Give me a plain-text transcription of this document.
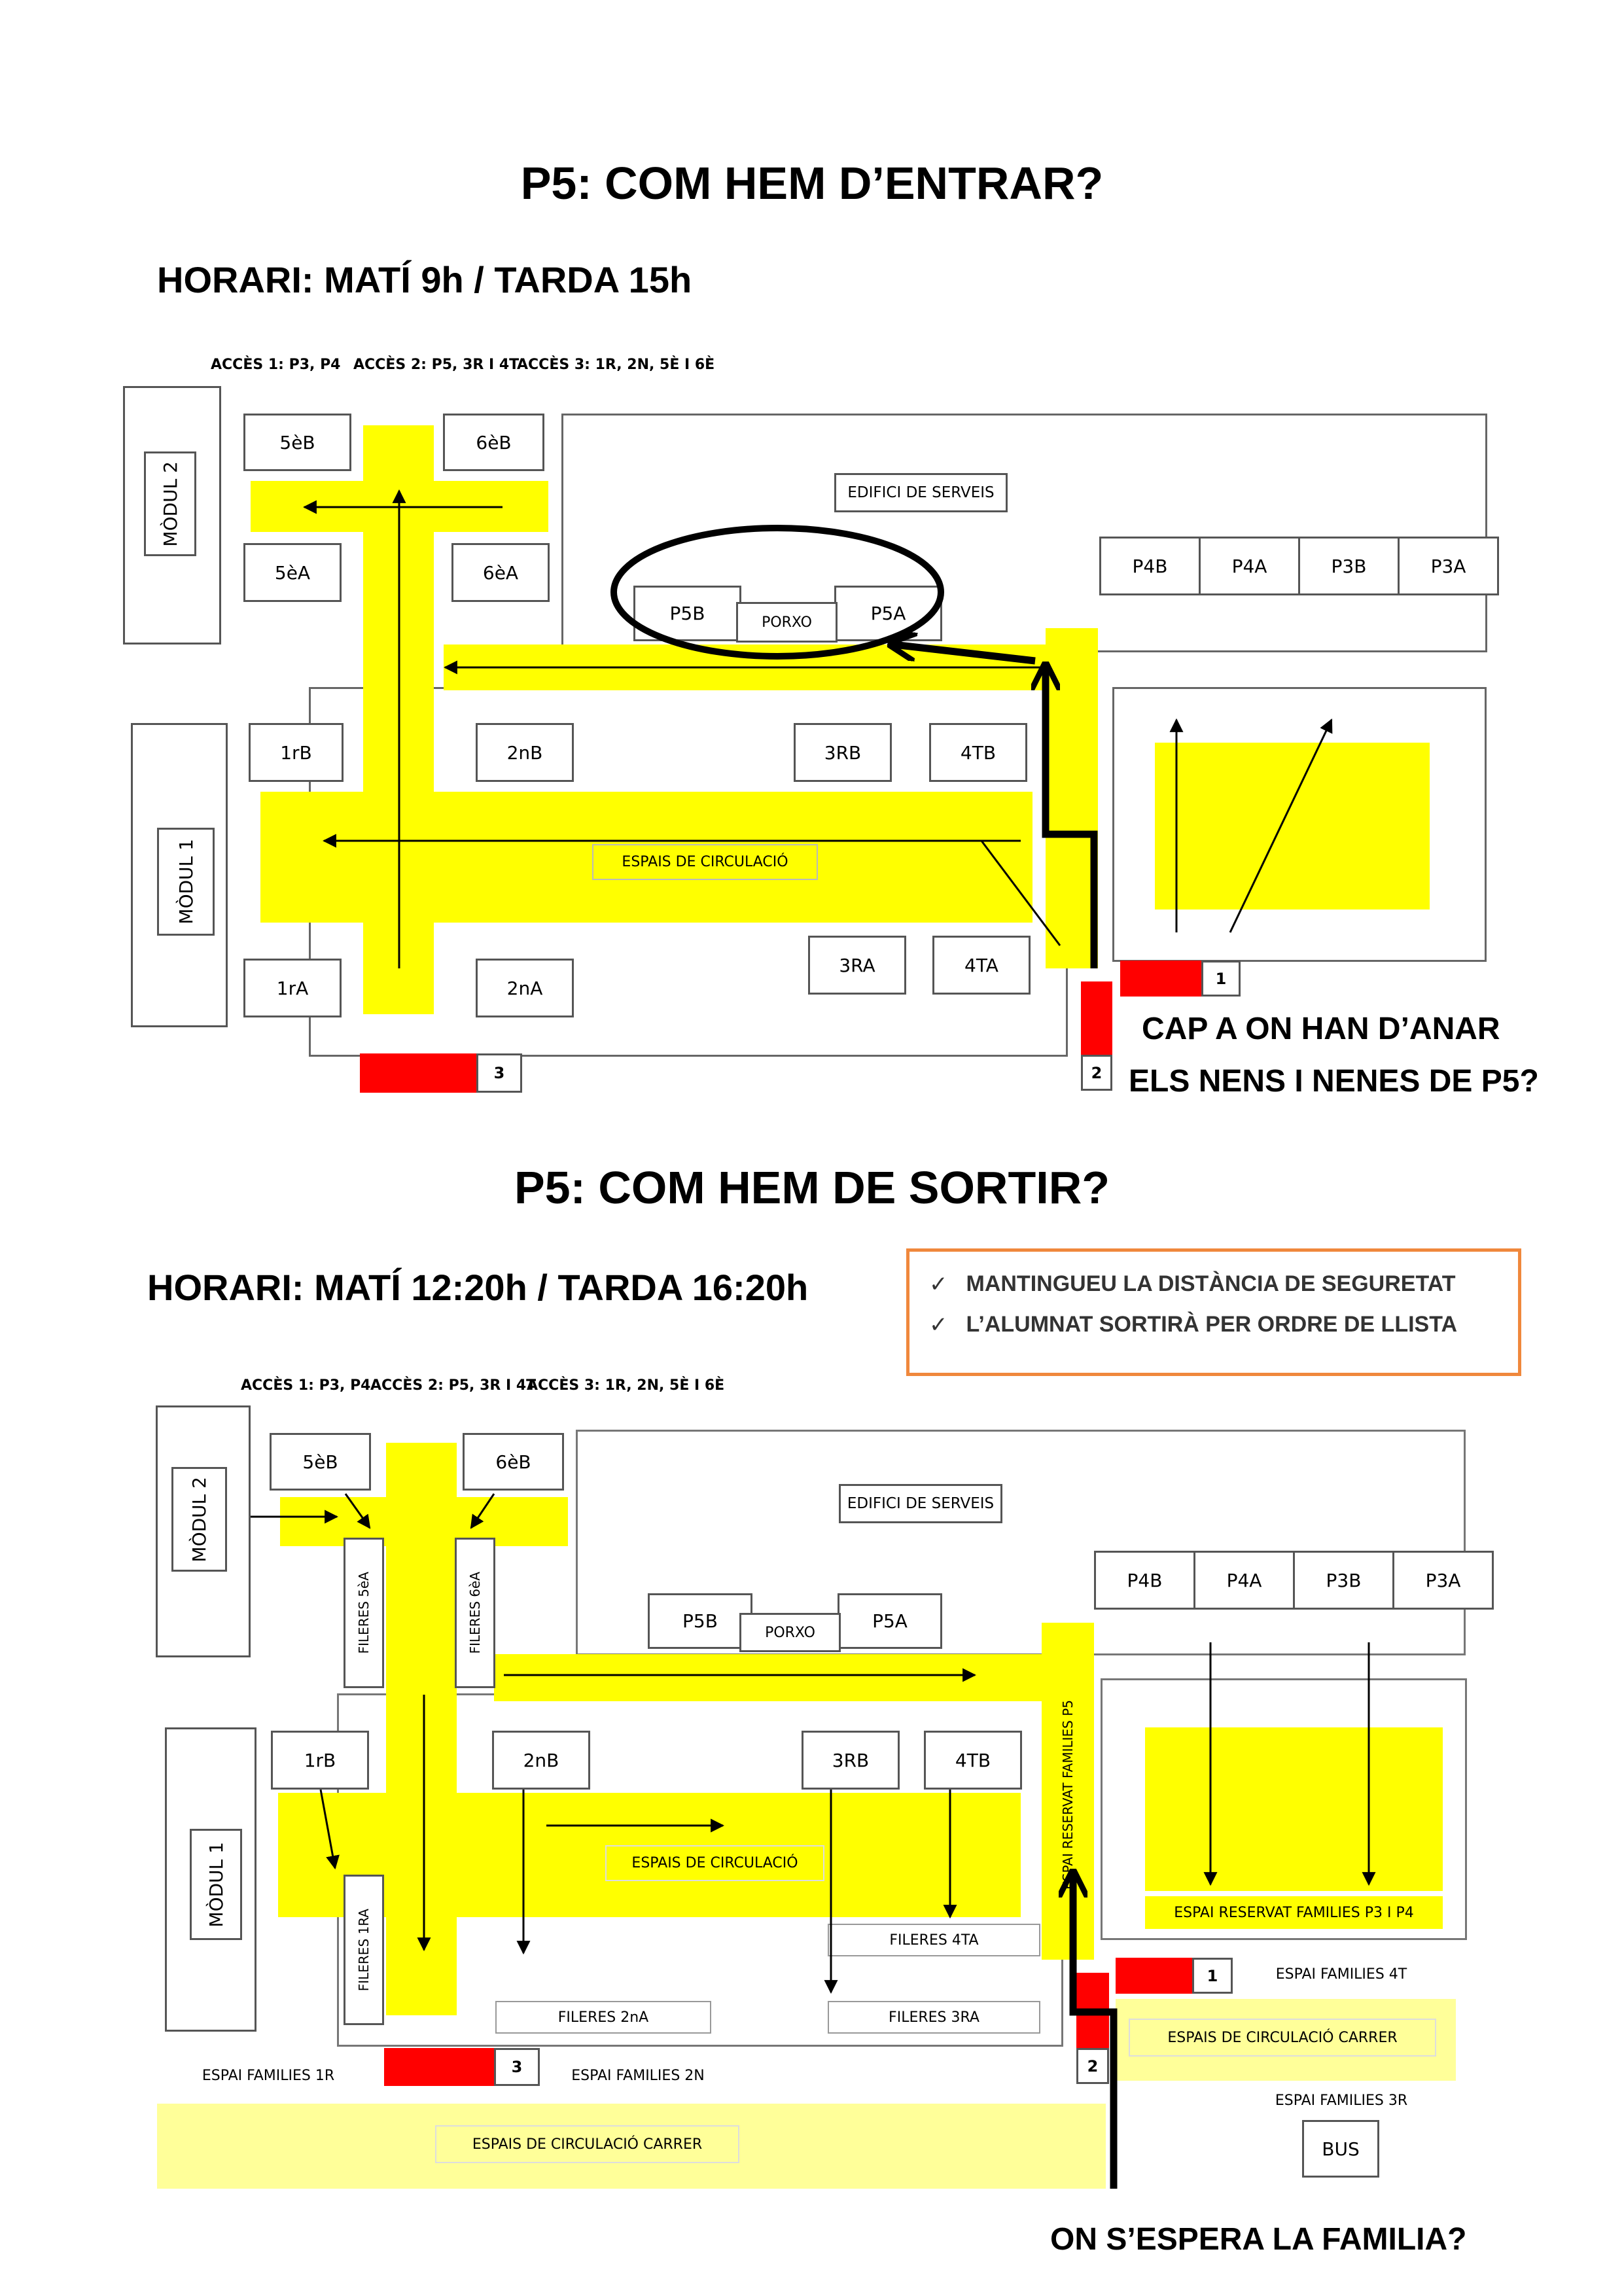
P5: COM HEM D’ENTRAR?
HORARI: MATÍ 9h / TARDA 15h
ACCÈS 1: P3, P4 ACCÈS 2: P5, 3R I 4T
ACCÈS 3: 1R, 2N, 5È I 6È
MÒDUL 2
MÒDUL 1
5èB	6èB
5èA	6èA
1rB	2nB	3RB	4TB
1rA	2nA
3RA	4TA
P5B	P5A
PORXO
EDIFICI DE SERVEIS
P4B	P4A	P3B	P3A
ESPAIS DE CIRCULACIÓ
1
2
3
CAP A ON HAN D’ANAR
ELS NENS I NENES DE P5?
P5: COM HEM DE SORTIR?
HORARI: MATÍ 12:20h / TARDA 16:20h	✓ MANTINGUEU LA DISTÀNCIA DE SEGURETAT
✓ L’ALUMNAT SORTIRÀ PER ORDRE DE LLISTA
ACCÈS 1: P3, P4 ACCÈS 2: P5, 3R I 4T
ACCÈS 3: 1R, 2N, 5È I 6È
MÒDUL 2
MÒDUL 1
5èB	6èB
1rB	2nB	3RB	4TB
P5B	P5A
PORXO
EDIFICI DE SERVEIS
P4B	P4A	P3B	P3A
FILERES 5èA	FILERES 6èA
FILERES 1RA	FILERES 4TA
FILERES 2nA	FILERES 3RA
ESPAI RESERVAT FAMILIES P5
ESPAI RESERVAT FAMILIES P3 I P4
ESPAIS DE CIRCULACIÓ
1	ESPAI FAMILIES 4T
2
3
ESPAIS DE CIRCULACIÓ CARRER
ESPAI FAMILIES 3R
BUS
ESPAI FAMILIES 1R	ESPAI FAMILIES 2N
ESPAIS DE CIRCULACIÓ CARRER
ON S’ESPERA LA FAMILIA?
